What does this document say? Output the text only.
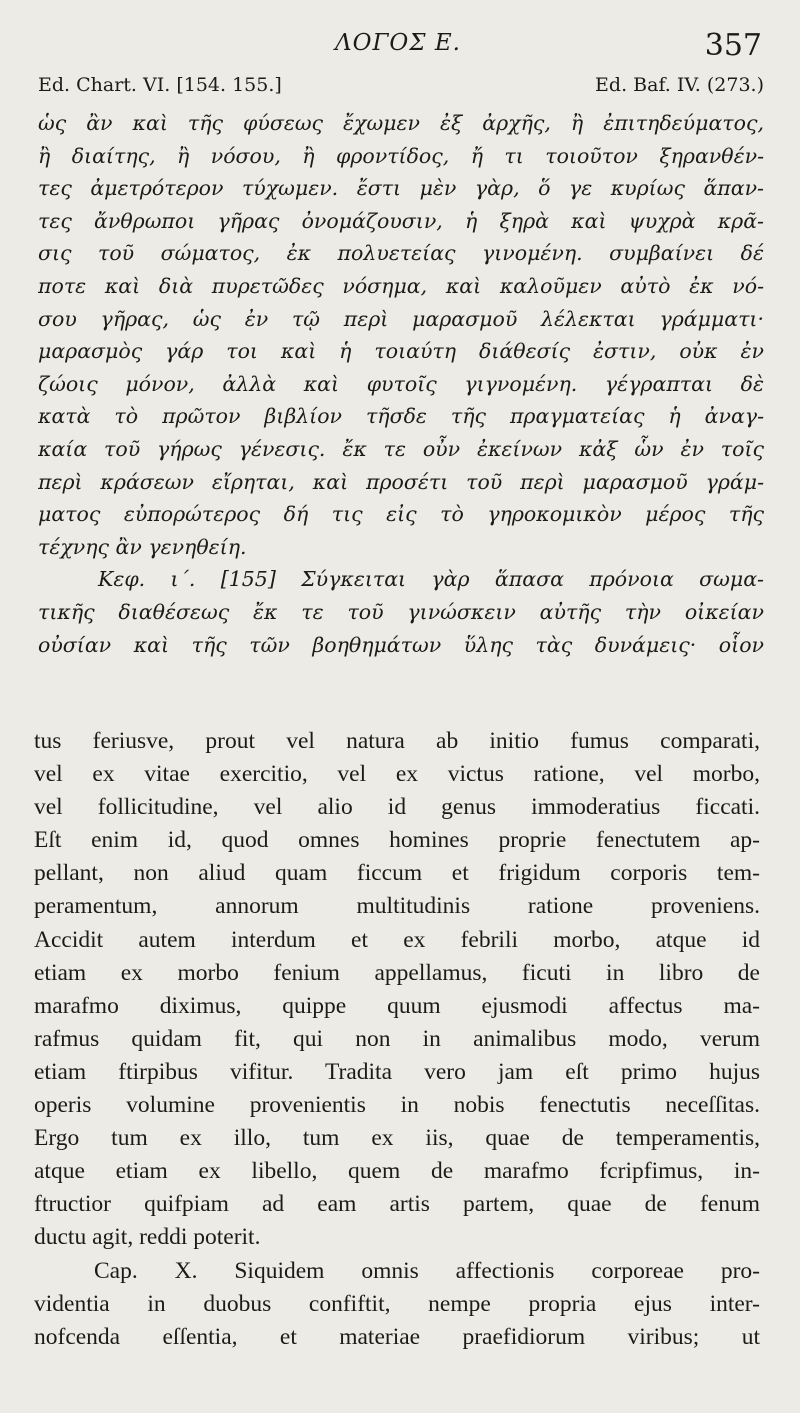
ΛΟΓΟΣ Ε.	357
Ed. Chart. VI. [154. 155.]	Ed. Baf. IV. (273.)
ὡς ἂν καὶ τῆς φύσεως ἔχωμεν ἐξ ἀρχῆς, ἢ ἐπιτηδεύματος,
ἢ διαίτης, ἢ νόσου, ἢ φροντίδος, ἤ τι τοιοῦτον ξηρανθέν-
τες ἀμετρότερον τύχωμεν. ἔστι μὲν γὰρ, ὅ γε κυρίως ἅπαν-
τες ἄνθρωποι γῆρας ὀνομάζουσιν, ἡ ξηρὰ καὶ ψυχρὰ κρᾶ-
σις τοῦ σώματος, ἐκ πολυετείας γινομένη. συμβαίνει δέ
ποτε καὶ διὰ πυρετῶδες νόσημα, καὶ καλοῦμεν αὐτὸ ἐκ νό-
σου γῆρας, ὡς ἐν τῷ περὶ μαρασμοῦ λέλεκται γράμματι·
μαρασμὸς γάρ τοι καὶ ἡ τοιαύτη διάθεσίς ἐστιν, οὐκ ἐν
ζώοις μόνον, ἀλλὰ καὶ φυτοῖς γιγνομένη. γέγραπται δὲ
κατὰ τὸ πρῶτον βιβλίον τῆσδε τῆς πραγματείας ἡ ἀναγ-
καία τοῦ γήρως γένεσις. ἔκ τε οὖν ἐκείνων κἀξ ὧν ἐν τοῖς
περὶ κράσεων εἴρηται, καὶ προσέτι τοῦ περὶ μαρασμοῦ γράμ-
ματος εὐπορώτερος δή τις εἰς τὸ γηροκομικὸν μέρος τῆς
τέχνης ἂν γενηθείη.
Κεφ. ι΄. [155] Σύγκειται γὰρ ἅπασα πρόνοια σωμα-
τικῆς διαθέσεως ἔκ τε τοῦ γινώσκειν αὐτῆς τὴν οἰκείαν
οὐσίαν καὶ τῆς τῶν βοηθημάτων ὕλης τὰς δυνάμεις· οἷον
tus feriusve, prout vel natura ab initio fumus comparati,
vel ex vitae exercitio, vel ex victus ratione, vel morbo,
vel follicitudine, vel alio id genus immoderatius ficcati.
Eſt enim id, quod omnes homines proprie fenectutem ap-
pellant, non aliud quam ficcum et frigidum corporis tem-
peramentum, annorum multitudinis ratione proveniens.
Accidit autem interdum et ex febrili morbo, atque id
etiam ex morbo fenium appellamus, ficuti in libro de
marafmo diximus, quippe quum ejusmodi affectus ma-
rafmus quidam fit, qui non in animalibus modo, verum
etiam ftirpibus vifitur. Tradita vero jam eſt primo hujus
operis volumine provenientis in nobis fenectutis neceſſitas.
Ergo tum ex illo, tum ex iis, quae de temperamentis,
atque etiam ex libello, quem de marafmo fcripfimus, in-
ftructior quifpiam ad eam artis partem, quae de fenum
ductu agit, reddi poterit.
Cap. X. Siquidem omnis affectionis corporeae pro-
videntia in duobus confiftit, nempe propria ejus inter-
nofcenda eſſentia, et materiae praefidiorum viribus; ut
